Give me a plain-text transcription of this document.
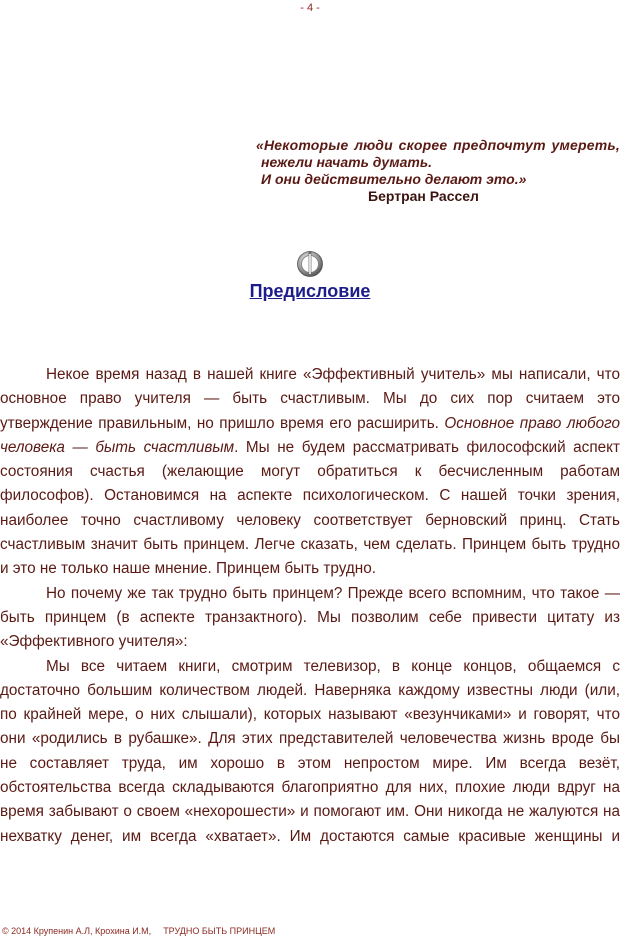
- 4 -
«Некоторые люди скорее предпочтут умереть,
нежели начать думать.
И они действительно делают это.»
Бертран Рассел
Предисловие
Некое время назад в нашей книге «Эффективный учитель» мы написали, что
основное право учителя — быть счастливым. Мы до сих пор считаем это
утверждение правильным, но пришло время его расширить. Основное право любого
человека — быть счастливым. Мы не будем рассматривать философский аспект
состояния счастья (желающие могут обратиться к бесчисленным работам
философов). Остановимся на аспекте психологическом. С нашей точки зрения,
наиболее точно счастливому человеку соответствует берновский принц. Стать
счастливым значит быть принцем. Легче сказать, чем сделать. Принцем быть трудно
и это не только наше мнение. Принцем быть трудно.
Но почему же так трудно быть принцем? Прежде всего вспомним, что такое —
быть принцем (в аспекте транзактного). Мы позволим себе привести цитату из
«Эффективного учителя»:
Мы все читаем книги, смотрим телевизор, в конце концов, общаемся с
достаточно большим количеством людей. Наверняка каждому известны люди (или,
по крайней мере, о них слышали), которых называют «везунчиками» и говорят, что
они «родились в рубашке». Для этих представителей человечества жизнь вроде бы
не составляет труда, им хорошо в этом непростом мире. Им всегда везёт,
обстоятельства всегда складываются благоприятно для них, плохие люди вдруг на
время забывают о своем «нехорошести» и помогают им. Они никогда не жалуются на
нехватку денег, им всегда «хватает». Им достаются самые красивые женщины и
© 2014 Крупенин А.Л, Крохина И.М, ТРУДНО БЫТЬ ПРИНЦЕМ
